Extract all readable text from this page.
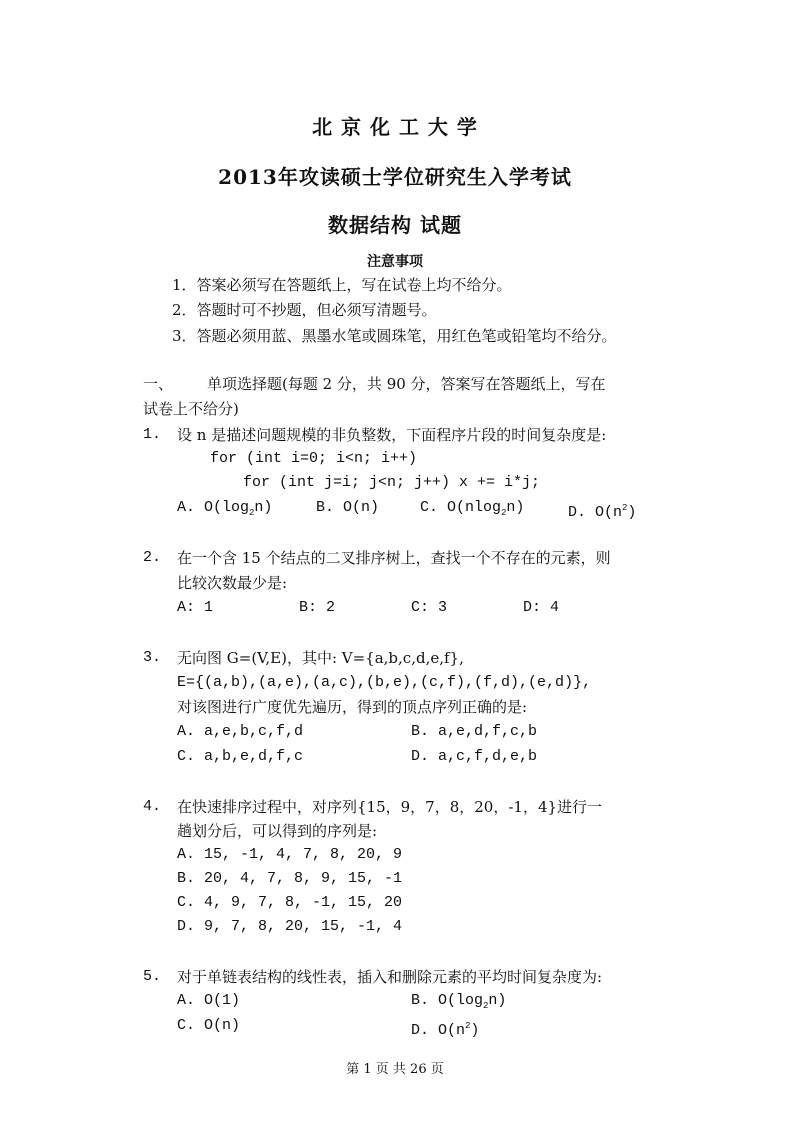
北 京 化 工 大 学
2013年攻读硕士学位研究生入学考试
数据结构 试题
注意事项
1．答案必须写在答题纸上，写在试卷上均不给分。
2．答题时可不抄题，但必须写清题号。
3．答题必须用蓝、黑墨水笔或圆珠笔，用红色笔或铅笔均不给分。
一、 单项选择题(每题 2 分，共 90 分，答案写在答题纸上，写在
试卷上不给分)
1. 设 n 是描述问题规模的非负整数，下面程序片段的时间复杂度是:
for (int i=0; i<n; i++)
for (int j=i; j<n; j++) x += i*j;
A. $O(\log_2n)$	B. O(n)	C. O(nlog$_2$n)	D. $O(n^2)$
2. 在一个含 15 个结点的二叉排序树上，查找一个不存在的元素，则
比较次数最少是:
A: 1	B: 2	C: 3	D: 4
3. 无向图 G=(V,E)，其中: V={a,b,c,d,e,f},
E={(a,b),(a,e),(a,c),(b,e),(c,f),(f,d),(e,d)},
对该图进行广度优先遍历，得到的顶点序列正确的是:
A. a,e,b,c,f,d	B. a,e,d,f,c,b
C. a,b,e,d,f,c	D. a,c,f,d,e,b
4. 在快速排序过程中，对序列{15，9，7，8，20，-1，4}进行一
趟划分后，可以得到的序列是:
A. 15, -1, 4, 7, 8, 20, 9
B. 20, 4, 7, 8, 9, 15, -1
C. 4, 9, 7, 8, -1, 15, 20
D. 9, 7, 8, 20, 15, -1, 4
5. 对于单链表结构的线性表，插入和删除元素的平均时间复杂度为:
A. O(1)	B. $O(\log_2n)$
C. O(n)	D. $O(n^2)$
第 1 页 共 26 页
